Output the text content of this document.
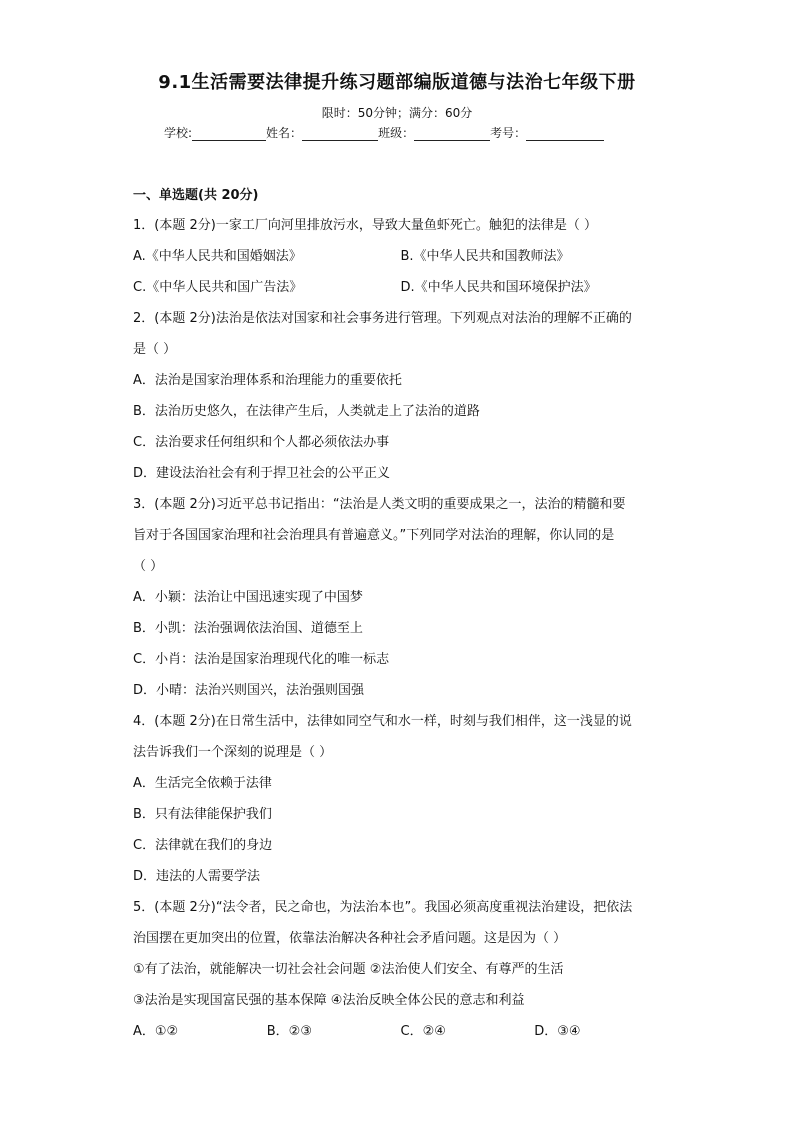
9.1生活需要法律提升练习题部编版道德与法治七年级下册
限时：50分钟；满分：60分
学校:	姓名：	班级：	考号：
一、单选题(共 20分)
1．(本题 2分)一家工厂向河里排放污水，导致大量鱼虾死亡。触犯的法律是（ ）
A.《中华人民共和国婚姻法》	B.《中华人民共和国教师法》
C.《中华人民共和国广告法》	D.《中华人民共和国环境保护法》
2．(本题 2分)法治是依法对国家和社会事务进行管理。下列观点对法治的理解不正确的
是（ ）
A．法治是国家治理体系和治理能力的重要依托
B．法治历史悠久，在法律产生后，人类就走上了法治的道路
C．法治要求任何组织和个人都必须依法办事
D．建设法治社会有利于捍卫社会的公平正义
3．(本题 2分)习近平总书记指出：“法治是人类文明的重要成果之一，法治的精髓和要
旨对于各国国家治理和社会治理具有普遍意义。”下列同学对法治的理解，你认同的是
（ ）
A．小颖：法治让中国迅速实现了中国梦
B．小凯：法治强调依法治国、道德至上
C．小肖：法治是国家治理现代化的唯一标志
D．小晴：法治兴则国兴，法治强则国强
4．(本题 2分)在日常生活中，法律如同空气和水一样，时刻与我们相伴，这一浅显的说
法告诉我们一个深刻的说理是（ ）
A．生活完全依赖于法律
B．只有法律能保护我们
C．法律就在我们的身边
D．违法的人需要学法
5．(本题 2分)“法令者，民之命也，为法治本也”。我国必须高度重视法治建设，把依法
治国摆在更加突出的位置，依靠法治解决各种社会矛盾问题。这是因为（ ）
①有了法治，就能解决一切社会社会问题 ②法治使人们安全、有尊严的生活
③法治是实现国富民强的基本保障 ④法治反映全体公民的意志和利益
A．①②	B．②③	C．②④	D．③④
